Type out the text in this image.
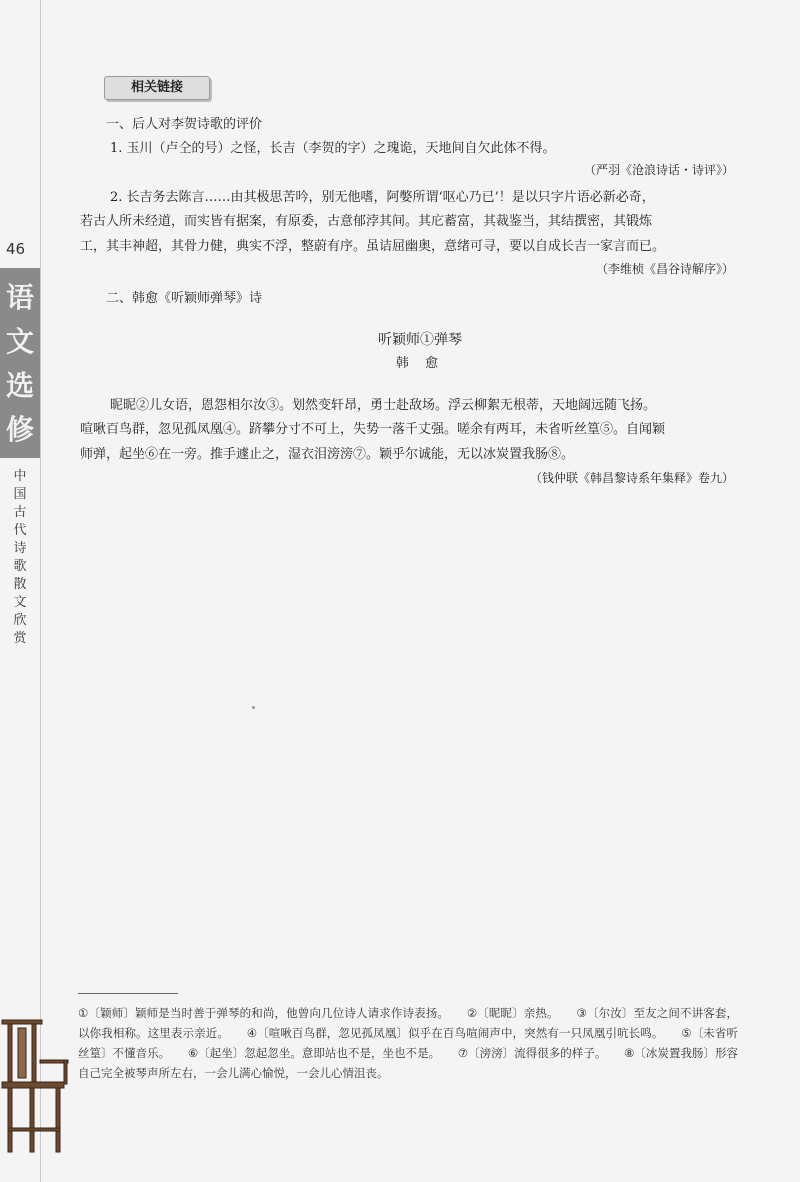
46
语
文
选
修
中国古代诗歌散文欣赏
相关链接
一、后人对李贺诗歌的评价
1. 玉川（卢仝的号）之怪，长吉（李贺的字）之瑰诡，天地间自欠此体不得。
（严羽《沧浪诗话・诗评》）
2. 长吉务去陈言……由其极思苦吟，别无他嗜，阿嫳所谓‘呕心乃已’！是以只字片语必新必奇，
若古人所未经道，而实皆有据案，有原委，古意郁浡其间。其庀蓄富，其裁鉴当，其结撰密，其锻炼
工，其丰神超，其骨力健，典实不浮，整蔚有序。虽诘屈幽奥，意绪可寻，要以自成长吉一家言而已。
（李维桢《昌谷诗解序》）
二、韩愈《听颖师弹琴》诗
听颖师①弹琴
韩 愈
昵昵②儿女语，恩怨相尔汝③。划然变轩昂，勇士赴敌场。浮云柳絮无根蒂，天地阔远随飞扬。
喧啾百鸟群，忽见孤凤凰④。跻攀分寸不可上，失势一落千丈强。嗟余有两耳，未省听丝篁⑤。自闻颖
师弹，起坐⑥在一旁。推手遽止之，湿衣泪滂滂⑦。颖乎尔诚能，无以冰炭置我肠⑧。
（钱仲联《韩昌黎诗系年集释》卷九）
①〔颖师〕颖师是当时善于弹琴的和尚，他曾向几位诗人请求作诗表扬。 ②〔昵昵〕亲热。 ③〔尔汝〕至友之间不讲客套，以你我相称。这里表示亲近。 ④〔喧啾百鸟群，忽见孤凤凰〕似乎在百鸟喧闹声中，突然有一只凤凰引吭长鸣。 ⑤〔未省听丝篁〕不懂音乐。 ⑥〔起坐〕忽起忽坐。意即站也不是，坐也不是。 ⑦〔滂滂〕流得很多的样子。 ⑧〔冰炭置我肠〕形容自己完全被琴声所左右，一会儿满心愉悦，一会儿心情沮丧。
